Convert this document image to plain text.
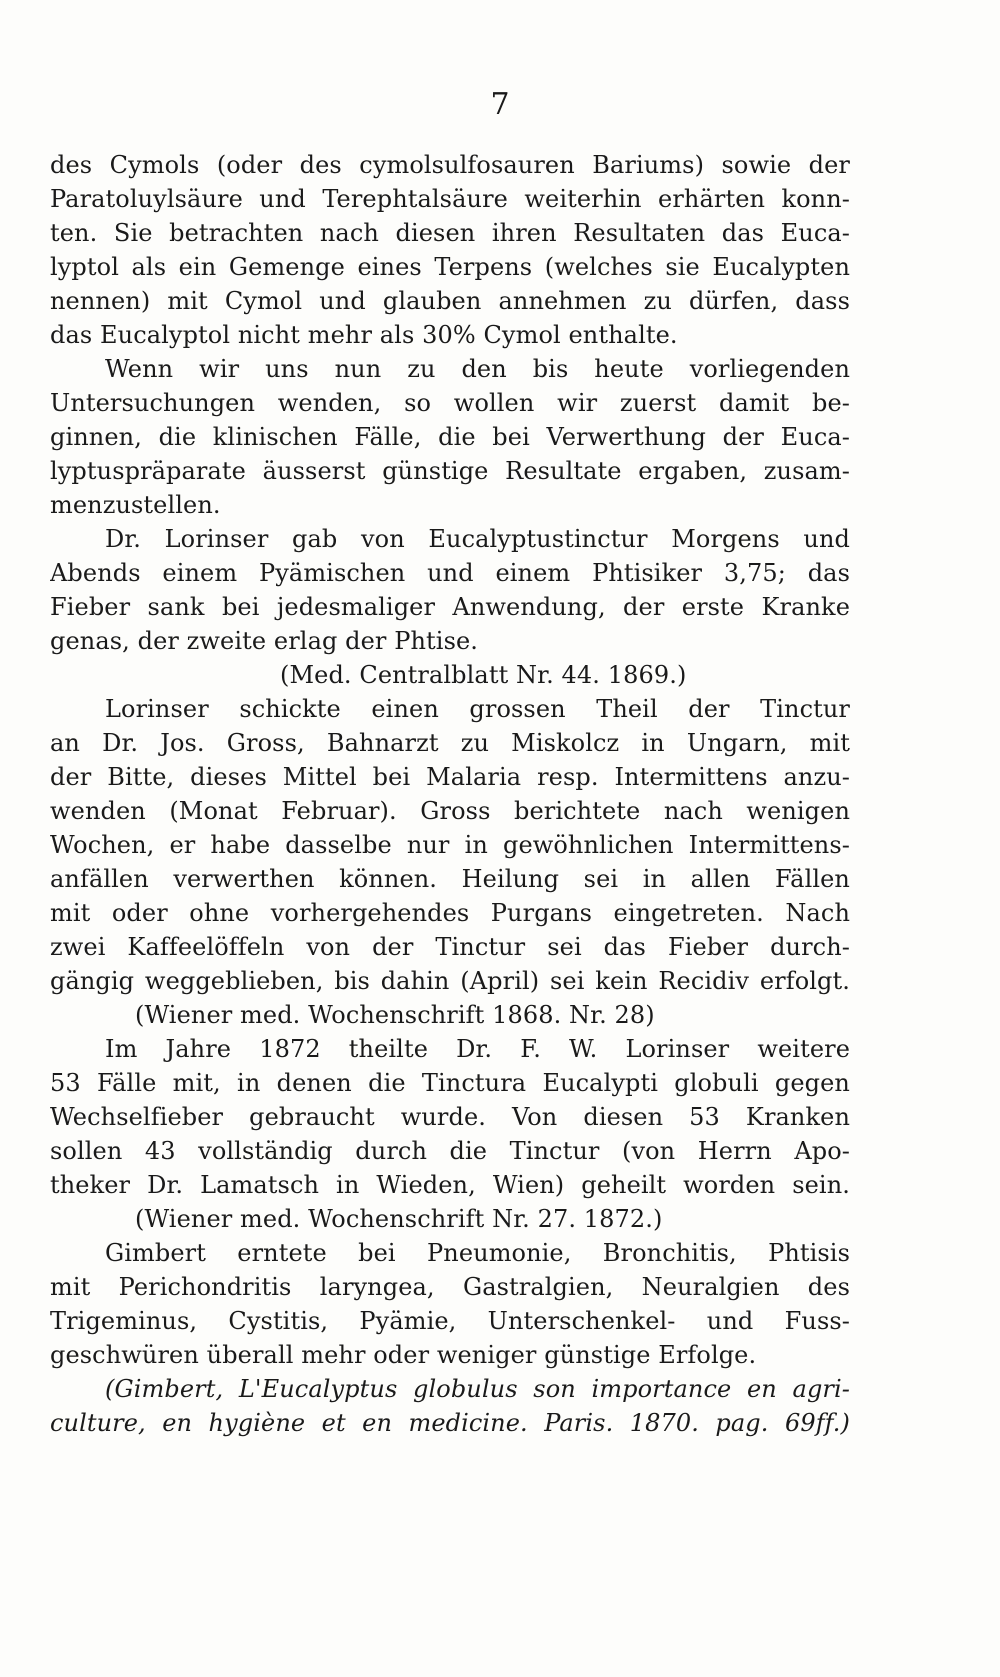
7
des Cymols (oder des cymolsulfosauren Bariums) sowie der
Paratoluylsäure und Terephtalsäure weiterhin erhärten konn-
ten. Sie betrachten nach diesen ihren Resultaten das Euca-
lyptol als ein Gemenge eines Terpens (welches sie Eucalypten
nennen) mit Cymol und glauben annehmen zu dürfen, dass
das Eucalyptol nicht mehr als 30% Cymol enthalte.
Wenn wir uns nun zu den bis heute vorliegenden
Untersuchungen wenden, so wollen wir zuerst damit be-
ginnen, die klinischen Fälle, die bei Verwerthung der Euca-
lyptuspräparate äusserst günstige Resultate ergaben, zusam-
menzustellen.
Dr. Lorinser gab von Eucalyptustinctur Morgens und
Abends einem Pyämischen und einem Phtisiker 3,75; das
Fieber sank bei jedesmaliger Anwendung, der erste Kranke
genas, der zweite erlag der Phtise.
(Med. Centralblatt Nr. 44. 1869.)
Lorinser schickte einen grossen Theil der Tinctur
an Dr. Jos. Gross, Bahnarzt zu Miskolcz in Ungarn, mit
der Bitte, dieses Mittel bei Malaria resp. Intermittens anzu-
wenden (Monat Februar). Gross berichtete nach wenigen
Wochen, er habe dasselbe nur in gewöhnlichen Intermittens-
anfällen verwerthen können. Heilung sei in allen Fällen
mit oder ohne vorhergehendes Purgans eingetreten. Nach
zwei Kaffeelöffeln von der Tinctur sei das Fieber durch-
gängig weggeblieben, bis dahin (April) sei kein Recidiv erfolgt.
(Wiener med. Wochenschrift 1868. Nr. 28)
Im Jahre 1872 theilte Dr. F. W. Lorinser weitere
53 Fälle mit, in denen die Tinctura Eucalypti globuli gegen
Wechselfieber gebraucht wurde. Von diesen 53 Kranken
sollen 43 vollständig durch die Tinctur (von Herrn Apo-
theker Dr. Lamatsch in Wieden, Wien) geheilt worden sein.
(Wiener med. Wochenschrift Nr. 27. 1872.)
Gimbert erntete bei Pneumonie, Bronchitis, Phtisis
mit Perichondritis laryngea, Gastralgien, Neuralgien des
Trigeminus, Cystitis, Pyämie, Unterschenkel- und Fuss-
geschwüren überall mehr oder weniger günstige Erfolge.
(Gimbert, L'Eucalyptus globulus son importance en agri-
culture, en hygiène et en medicine. Paris. 1870. pag. 69ff.)
